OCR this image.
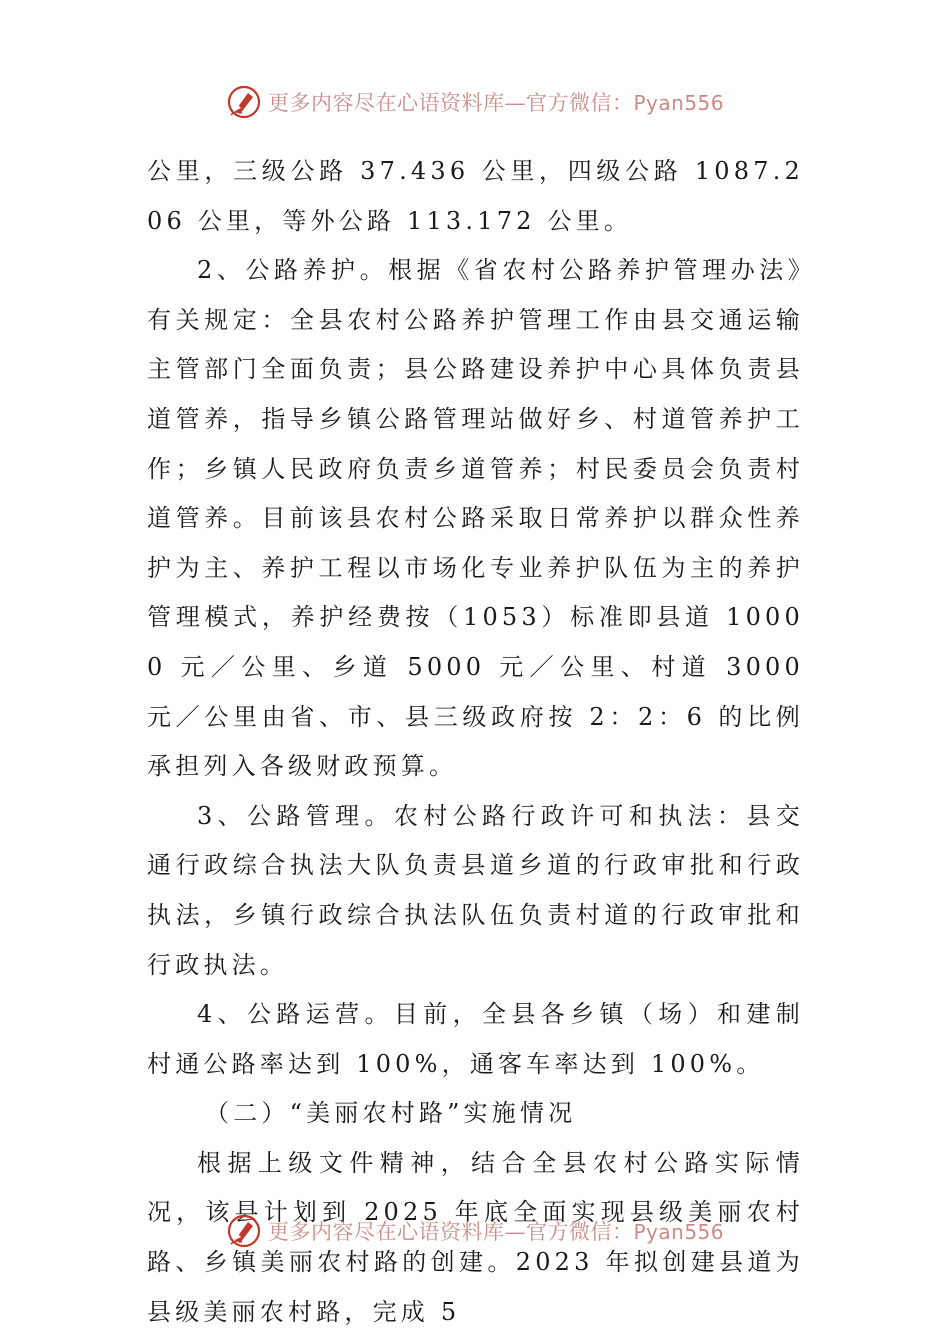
更多内容尽在心语资料库—官方微信：Pyan556

公里，三级公路 37.436 公里，四级公路 1087.206 公里，等外公路 113.172 公里。

2、公路养护。根据《省农村公路养护管理办法》有关规定：全县农村公路养护管理工作由县交通运输主管部门全面负责；县公路建设养护中心具体负责县道管养，指导乡镇公路管理站做好乡、村道管养护工作；乡镇人民政府负责乡道管养；村民委员会负责村道管养。目前该县农村公路采取日常养护以群众性养护为主、养护工程以市场化专业养护队伍为主的养护管理模式，养护经费按（1053）标准即县道 10000 元／公里、乡道 5000 元／公里、村道 3000 元／公里由省、市、县三级政府按 2：2：6 的比例承担列入各级财政预算。

3、公路管理。农村公路行政许可和执法：县交通行政综合执法大队负责县道乡道的行政审批和行政执法，乡镇行政综合执法队伍负责村道的行政审批和行政执法。

4、公路运营。目前，全县各乡镇（场）和建制村通公路率达到 100%，通客车率达到 100%。

（二）“美丽农村路”实施情况

根据上级文件精神，结合全县农村公路实际情况，该县计划到 2025 年底全面实现县级美丽农村路、乡镇美丽农村路的创建。2023 年拟创建县道为县级美丽农村路，完成 5

更多内容尽在心语资料库—官方微信：Pyan556
